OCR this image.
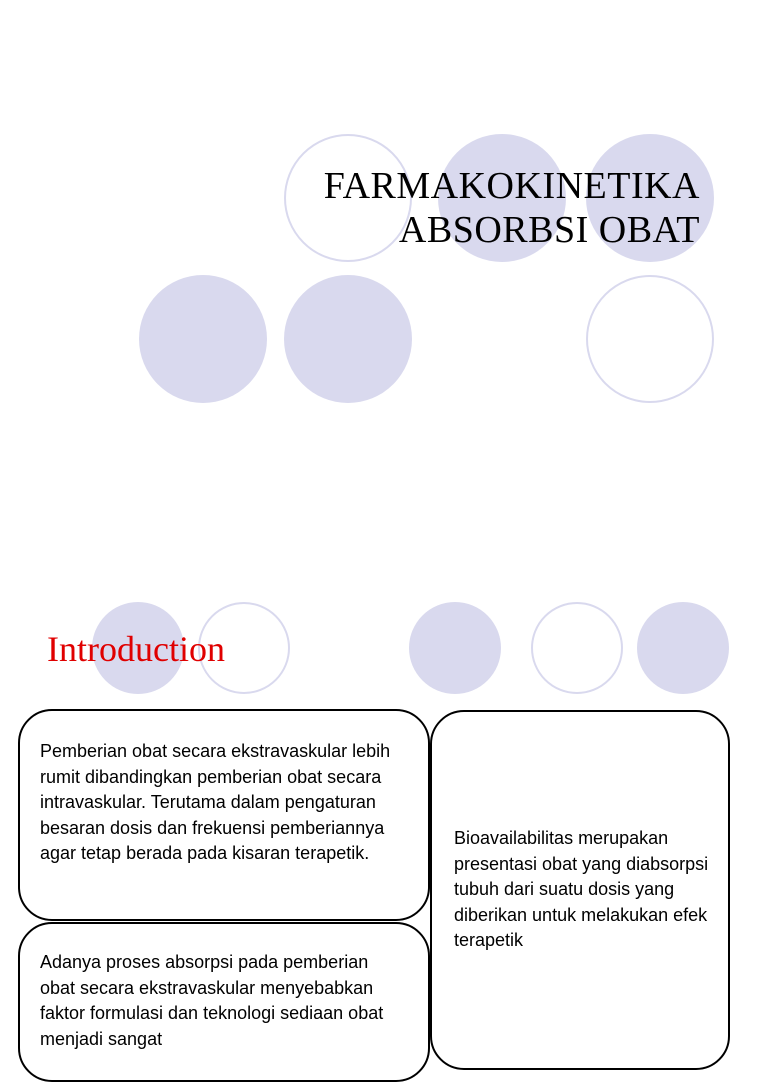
FARMAKOKINETIKA
ABSORBSI OBAT
Introduction

Bioavailabilitas merupakan presentasi obat yang diabsorpsi tubuh dari suatu dosis yang diberikan untuk melakukan efek terapetik

Pemberian obat secara ekstravaskular lebih rumit dibandingkan pemberian obat secara intravaskular. Terutama dalam pengaturan besaran dosis dan frekuensi pemberiannya agar tetap berada pada kisaran terapetik.

Adanya proses absorpsi pada pemberian obat secara ekstravaskular menyebabkan faktor formulasi dan teknologi sediaan obat menjadi sangat
